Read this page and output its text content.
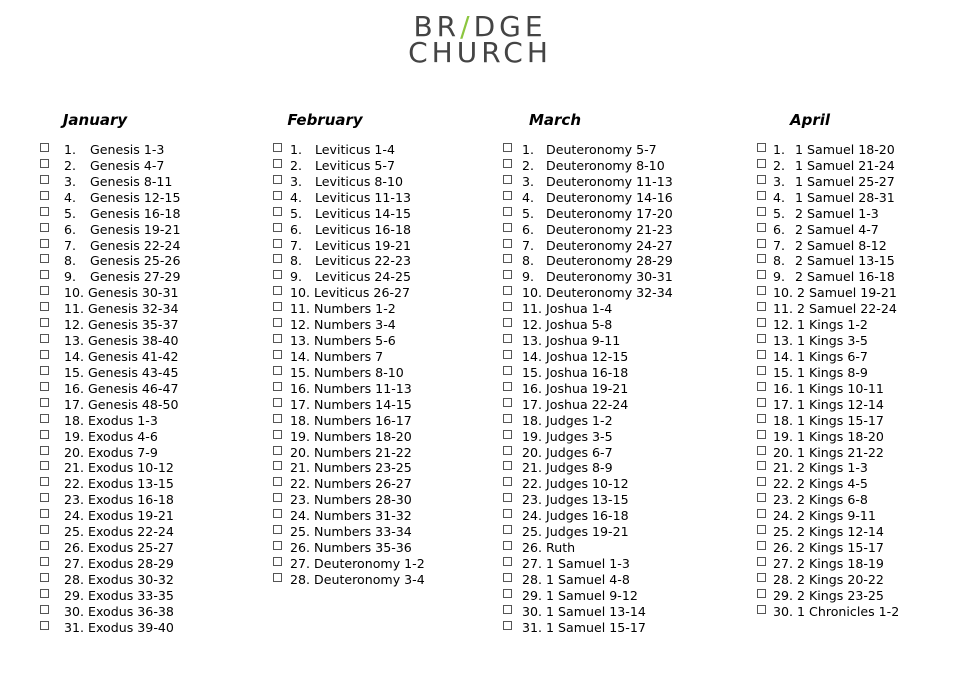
BR/DGE
CHURCH
January
1. Genesis 1-3
2. Genesis 4-7
3. Genesis 8-11
4. Genesis 12-15
5. Genesis 16-18
6. Genesis 19-21
7. Genesis 22-24
8. Genesis 25-26
9. Genesis 27-29
10. Genesis 30-31
11. Genesis 32-34
12. Genesis 35-37
13. Genesis 38-40
14. Genesis 41-42
15. Genesis 43-45
16. Genesis 46-47
17. Genesis 48-50
18. Exodus 1-3
19. Exodus 4-6
20. Exodus 7-9
21. Exodus 10-12
22. Exodus 13-15
23. Exodus 16-18
24. Exodus 19-21
25. Exodus 22-24
26. Exodus 25-27
27. Exodus 28-29
28. Exodus 30-32
29. Exodus 33-35
30. Exodus 36-38
31. Exodus 39-40
February
1. Leviticus 1-4
2. Leviticus 5-7
3. Leviticus 8-10
4. Leviticus 11-13
5. Leviticus 14-15
6. Leviticus 16-18
7. Leviticus 19-21
8. Leviticus 22-23
9. Leviticus 24-25
10. Leviticus 26-27
11. Numbers 1-2
12. Numbers 3-4
13. Numbers 5-6
14. Numbers 7
15. Numbers 8-10
16. Numbers 11-13
17. Numbers 14-15
18. Numbers 16-17
19. Numbers 18-20
20. Numbers 21-22
21. Numbers 23-25
22. Numbers 26-27
23. Numbers 28-30
24. Numbers 31-32
25. Numbers 33-34
26. Numbers 35-36
27. Deuteronomy 1-2
28. Deuteronomy 3-4
March
1. Deuteronomy 5-7
2. Deuteronomy 8-10
3. Deuteronomy 11-13
4. Deuteronomy 14-16
5. Deuteronomy 17-20
6. Deuteronomy 21-23
7. Deuteronomy 24-27
8. Deuteronomy 28-29
9. Deuteronomy 30-31
10. Deuteronomy 32-34
11. Joshua 1-4
12. Joshua 5-8
13. Joshua 9-11
14. Joshua 12-15
15. Joshua 16-18
16. Joshua 19-21
17. Joshua 22-24
18. Judges 1-2
19. Judges 3-5
20. Judges 6-7
21. Judges 8-9
22. Judges 10-12
23. Judges 13-15
24. Judges 16-18
25. Judges 19-21
26. Ruth
27. 1 Samuel 1-3
28. 1 Samuel 4-8
29. 1 Samuel 9-12
30. 1 Samuel 13-14
31. 1 Samuel 15-17
April
1. 1 Samuel 18-20
2. 1 Samuel 21-24
3. 1 Samuel 25-27
4. 1 Samuel 28-31
5. 2 Samuel 1-3
6. 2 Samuel 4-7
7. 2 Samuel 8-12
8. 2 Samuel 13-15
9. 2 Samuel 16-18
10. 2 Samuel 19-21
11. 2 Samuel 22-24
12. 1 Kings 1-2
13. 1 Kings 3-5
14. 1 Kings 6-7
15. 1 Kings 8-9
16. 1 Kings 10-11
17. 1 Kings 12-14
18. 1 Kings 15-17
19. 1 Kings 18-20
20. 1 Kings 21-22
21. 2 Kings 1-3
22. 2 Kings 4-5
23. 2 Kings 6-8
24. 2 Kings 9-11
25. 2 Kings 12-14
26. 2 Kings 15-17
27. 2 Kings 18-19
28. 2 Kings 20-22
29. 2 Kings 23-25
30. 1 Chronicles 1-2
